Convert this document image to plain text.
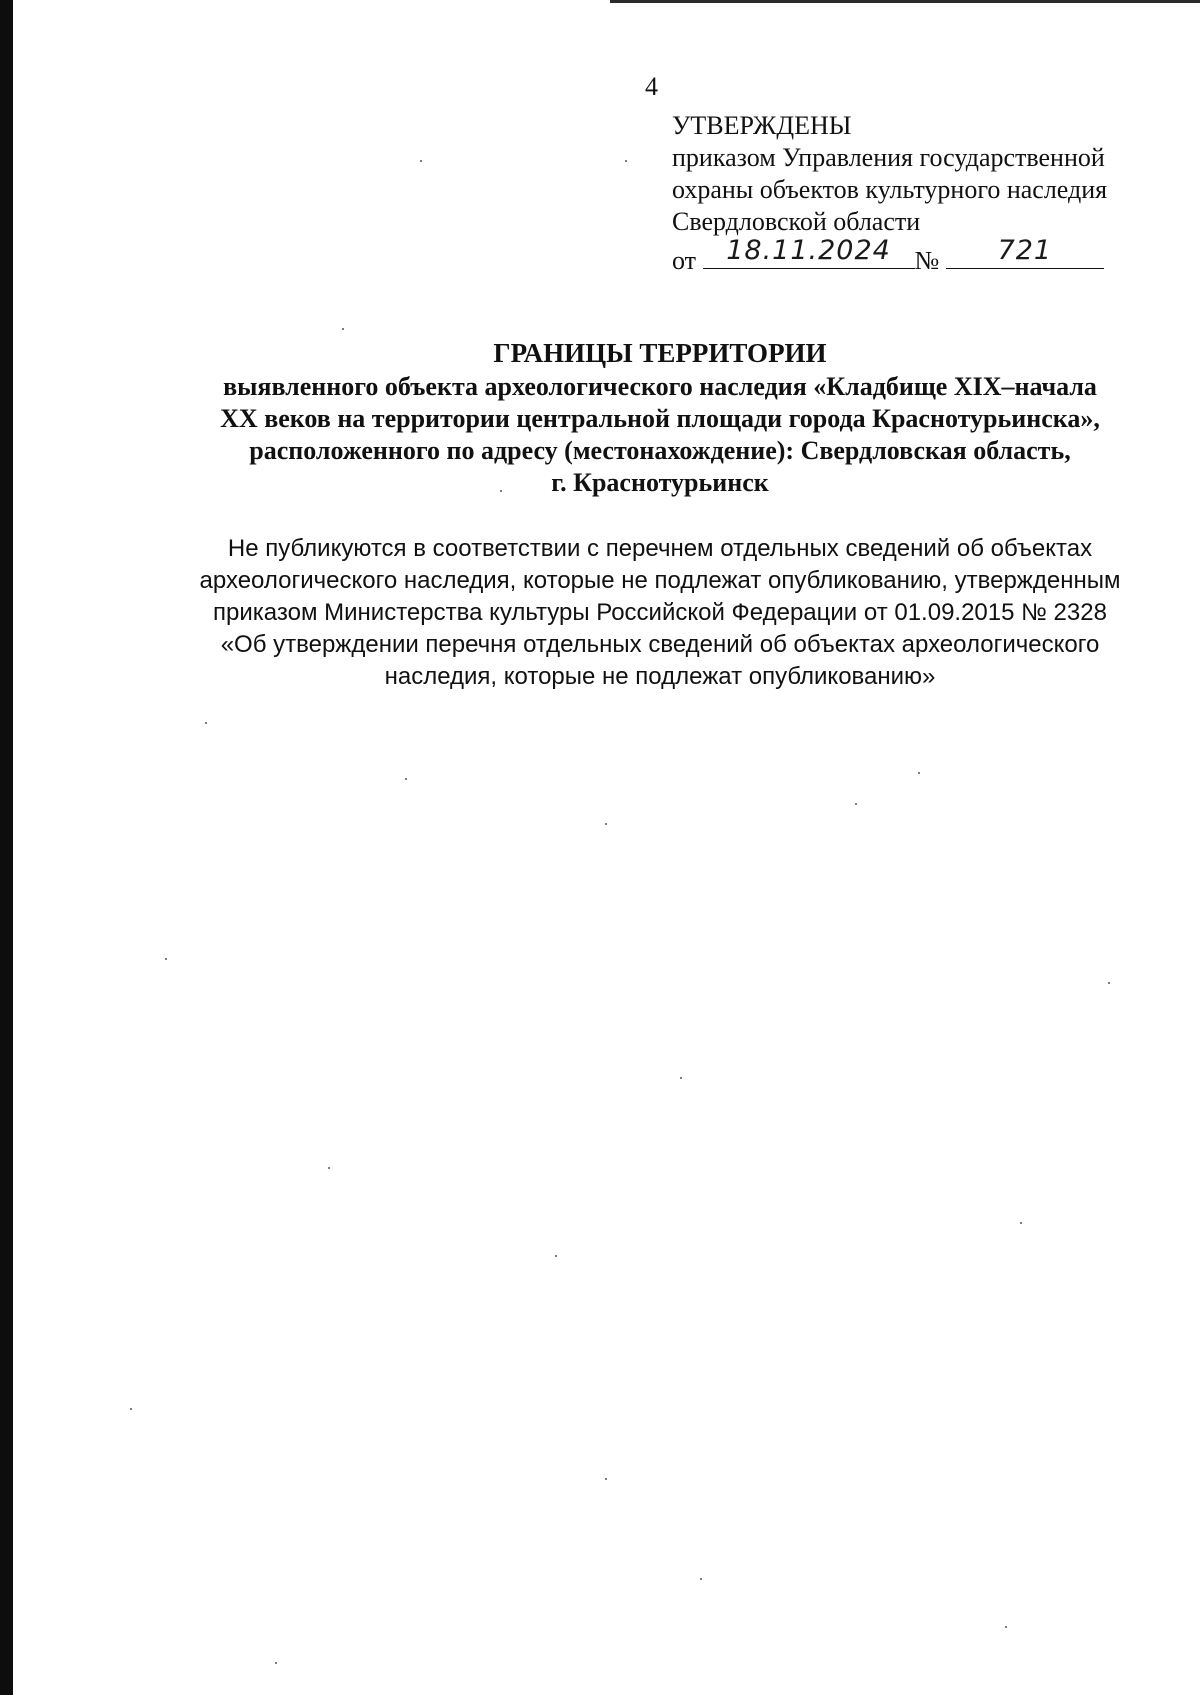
4
УТВЕРЖДЕНЫ
приказом Управления государственной
охраны объектов культурного наследия
Свердловской области
от	18.11.2024 №	721
ГРАНИЦЫ ТЕРРИТОРИИ
выявленного объекта археологического наследия «Кладбище XIX–начала
XX веков на территории центральной площади города Краснотурьинска»,
расположенного по адресу (местонахождение): Свердловская область,
г. Краснотурьинск
Не публикуются в соответствии с перечнем отдельных сведений об объектах
археологического наследия, которые не подлежат опубликованию, утвержденным
приказом Министерства культуры Российской Федерации от 01.09.2015 № 2328
«Об утверждении перечня отдельных сведений об объектах археологического
наследия, которые не подлежат опубликованию»
